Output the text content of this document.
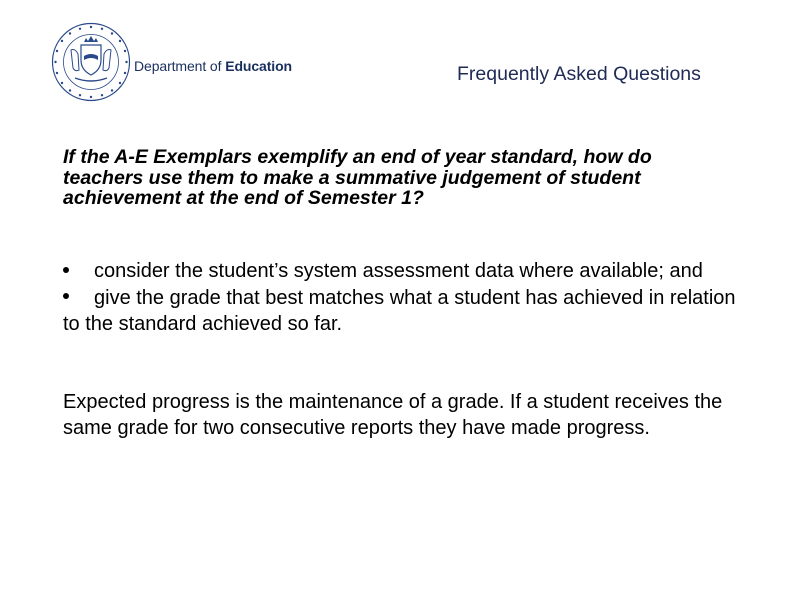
Department of Education	Frequently Asked Questions
If the A-E Exemplars exemplify an end of year standard, how do teachers use them to make a summative judgement of student achievement at the end of Semester 1?
consider the student’s system assessment data where available; and
give the grade that best matches what a student has achieved in relation to the standard achieved so far.

Expected progress is the maintenance of a grade. If a student receives the same grade for two consecutive reports they have made progress.
